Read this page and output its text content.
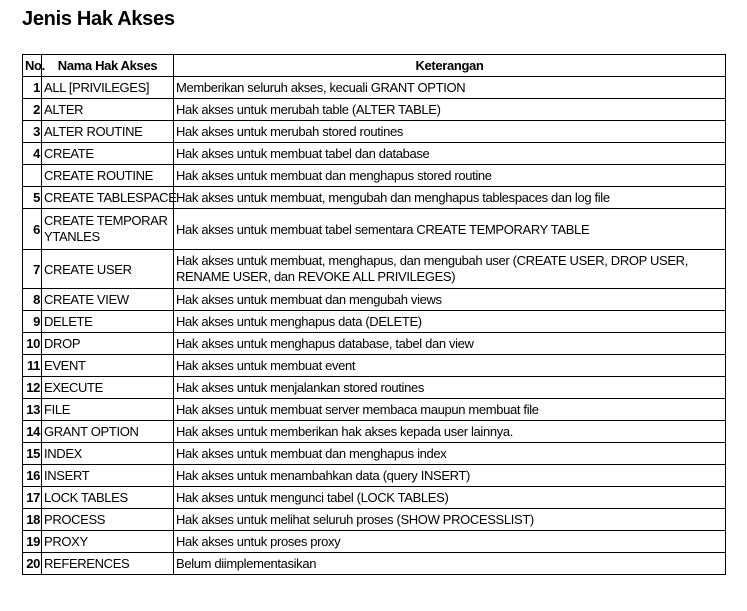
Jenis Hak Akses
No.	Nama Hak Akses	Keterangan
1	ALL [PRIVILEGES]	Memberikan seluruh akses, kecuali GRANT OPTION
2	ALTER	Hak akses untuk merubah table (ALTER TABLE)
3	ALTER ROUTINE	Hak akses untuk merubah stored routines
4	CREATE	Hak akses untuk membuat tabel dan database
	CREATE ROUTINE	Hak akses untuk membuat dan menghapus stored routine
5	CREATE TABLESPACE	Hak akses untuk membuat, mengubah dan menghapus tablespaces dan log file
6	CREATE TEMPORARYTANLES	Hak akses untuk membuat tabel sementara CREATE TEMPORARY TABLE
7	CREATE USER	Hak akses untuk membuat, menghapus, dan mengubah user (CREATE USER, DROP USER, RENAME USER, dan REVOKE ALL PRIVILEGES)
8	CREATE VIEW	Hak akses untuk membuat dan mengubah views
9	DELETE	Hak akses untuk menghapus data (DELETE)
10	DROP	Hak akses untuk menghapus database, tabel dan view
11	EVENT	Hak akses untuk membuat event
12	EXECUTE	Hak akses untuk menjalankan stored routines
13	FILE	Hak akses untuk membuat server membaca maupun membuat file
14	GRANT OPTION	Hak akses untuk memberikan hak akses kepada user lainnya.
15	INDEX	Hak akses untuk membuat dan menghapus index
16	INSERT	Hak akses untuk menambahkan data (query INSERT)
17	LOCK TABLES	Hak akses untuk mengunci tabel (LOCK TABLES)
18	PROCESS	Hak akses untuk melihat seluruh proses (SHOW PROCESSLIST)
19	PROXY	Hak akses untuk proses proxy
20	REFERENCES	Belum diimplementasikan
